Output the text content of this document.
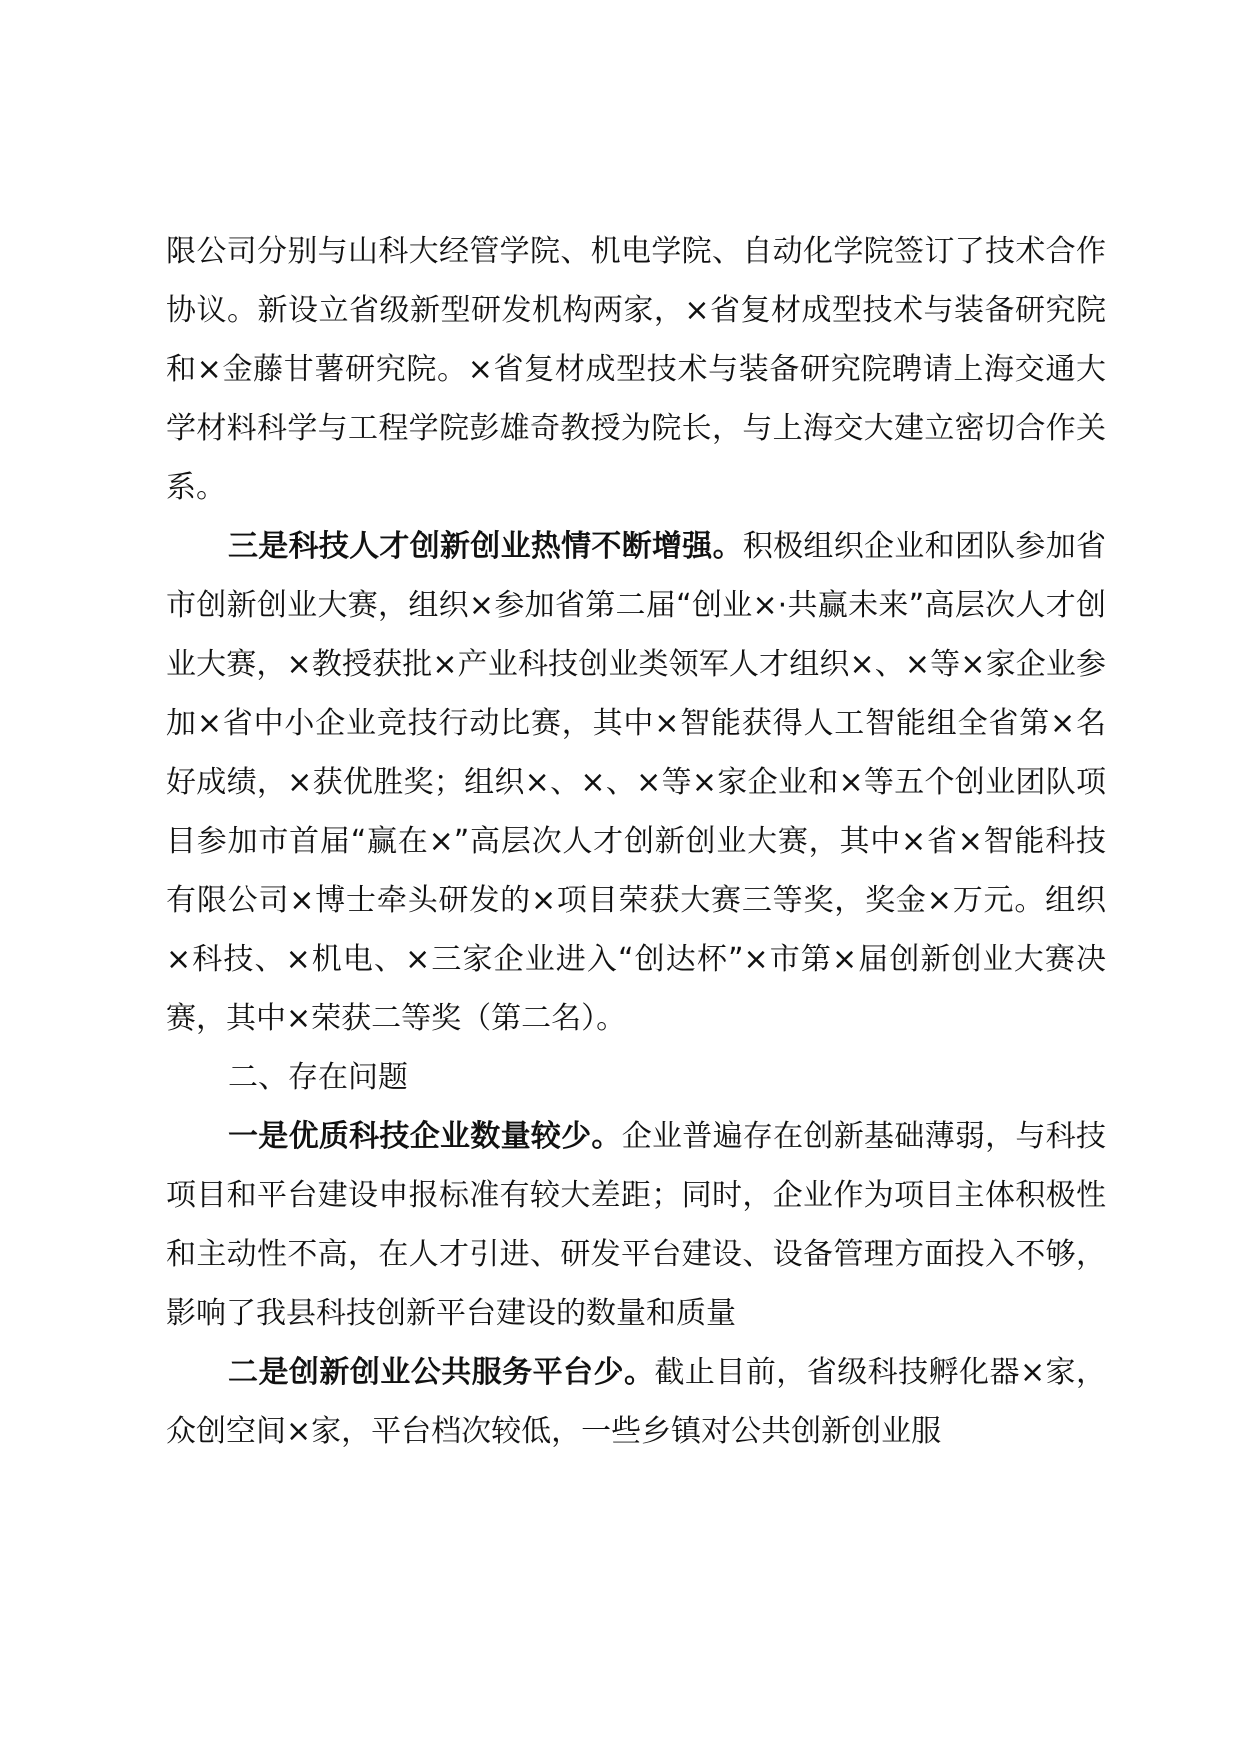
限公司分别与山科大经管学院、机电学院、自动化学院签订了技术合作协议。新设立省级新型研发机构两家，×省复材成型技术与装备研究院和×金藤甘薯研究院。×省复材成型技术与装备研究院聘请上海交通大学材料科学与工程学院彭雄奇教授为院长，与上海交大建立密切合作关系。

三是科技人才创新创业热情不断增强。积极组织企业和团队参加省市创新创业大赛，组织×参加省第二届“创业×·共赢未来”高层次人才创业大赛，×教授获批×产业科技创业类领军人才组织×、×等×家企业参加×省中小企业竞技行动比赛，其中×智能获得人工智能组全省第×名好成绩，×获优胜奖；组织×、×、×等×家企业和×等五个创业团队项目参加市首届“赢在×”高层次人才创新创业大赛，其中×省×智能科技有限公司×博士牵头研发的×项目荣获大赛三等奖，奖金×万元。组织×科技、×机电、×三家企业进入“创达杯”×市第×届创新创业大赛决赛，其中×荣获二等奖（第二名）。

二、存在问题

一是优质科技企业数量较少。企业普遍存在创新基础薄弱，与科技项目和平台建设申报标准有较大差距；同时，企业作为项目主体积极性和主动性不高，在人才引进、研发平台建设、设备管理方面投入不够，影响了我县科技创新平台建设的数量和质量

二是创新创业公共服务平台少。截止目前，省级科技孵化器×家，众创空间×家，平台档次较低，一些乡镇对公共创新创业服
